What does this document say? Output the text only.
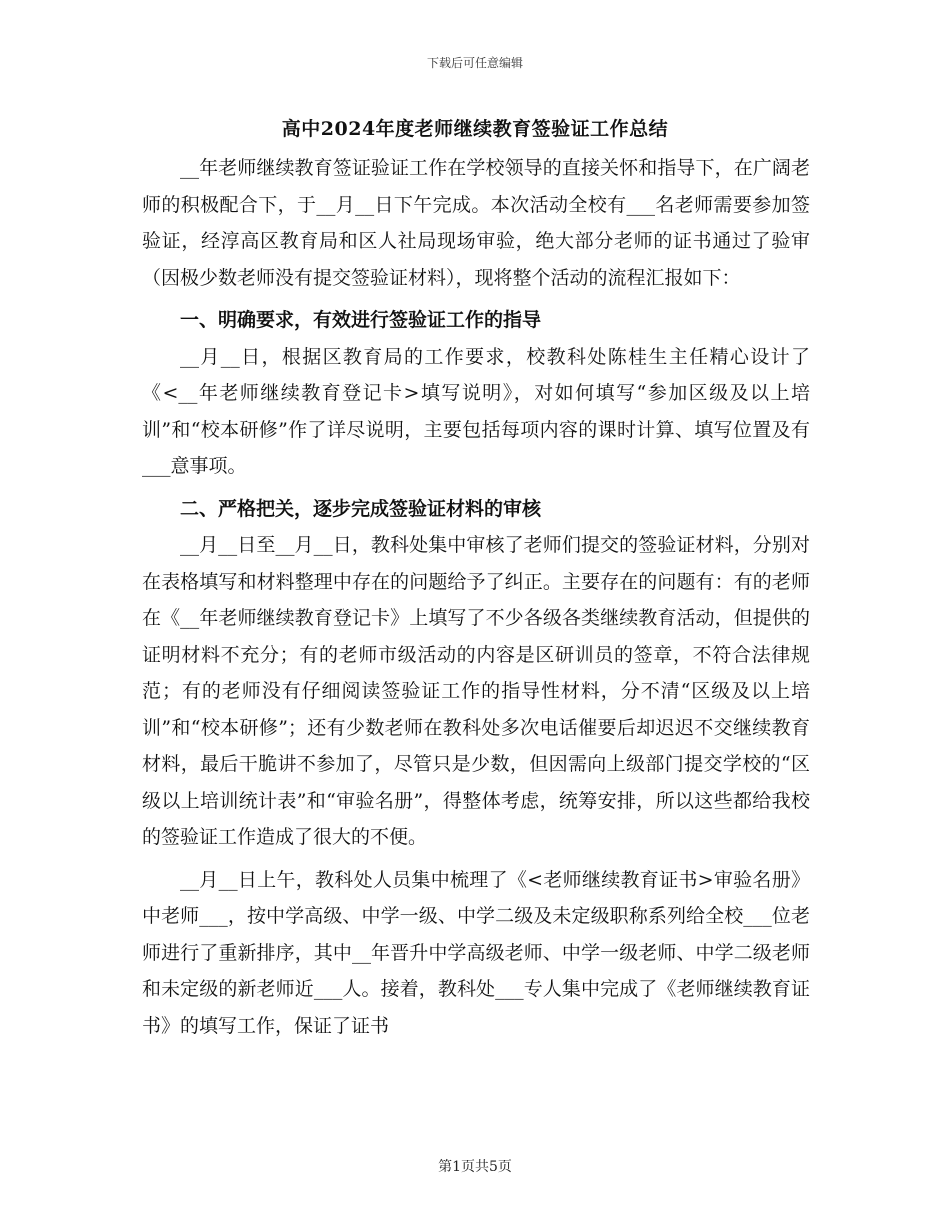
下载后可任意编辑
高中2024年度老师继续教育签验证工作总结

__年老师继续教育签证验证工作在学校领导的直接关怀和指导下，在广阔老师的积极配合下，于__月__日下午完成。本次活动全校有___名老师需要参加签验证，经淳高区教育局和区人社局现场审验，绝大部分老师的证书通过了验审（因极少数老师没有提交签验证材料），现将整个活动的流程汇报如下：

一、明确要求，有效进行签验证工作的指导

__月__日，根据区教育局的工作要求，校教科处陈桂生主任精心设计了《<__年老师继续教育登记卡>填写说明》，对如何填写“参加区级及以上培训”和“校本研修”作了详尽说明，主要包括每项内容的课时计算、填写位置及有___意事项。

二、严格把关，逐步完成签验证材料的审核

__月__日至__月__日，教科处集中审核了老师们提交的签验证材料，分别对在表格填写和材料整理中存在的问题给予了纠正。主要存在的问题有：有的老师在《__年老师继续教育登记卡》上填写了不少各级各类继续教育活动，但提供的证明材料不充分；有的老师市级活动的内容是区研训员的签章，不符合法律规范；有的老师没有仔细阅读签验证工作的指导性材料，分不清“区级及以上培训”和“校本研修”；还有少数老师在教科处多次电话催要后却迟迟不交继续教育材料，最后干脆讲不参加了，尽管只是少数，但因需向上级部门提交学校的“区级以上培训统计表”和“审验名册”，得整体考虑，统筹安排，所以这些都给我校的签验证工作造成了很大的不便。

__月__日上午，教科处人员集中梳理了《<老师继续教育证书>审验名册》中老师___，按中学高级、中学一级、中学二级及未定级职称系列给全校___位老师进行了重新排序，其中__年晋升中学高级老师、中学一级老师、中学二级老师和未定级的新老师近___人。接着，教科处___专人集中完成了《老师继续教育证书》的填写工作，保证了证书

第1页共5页
